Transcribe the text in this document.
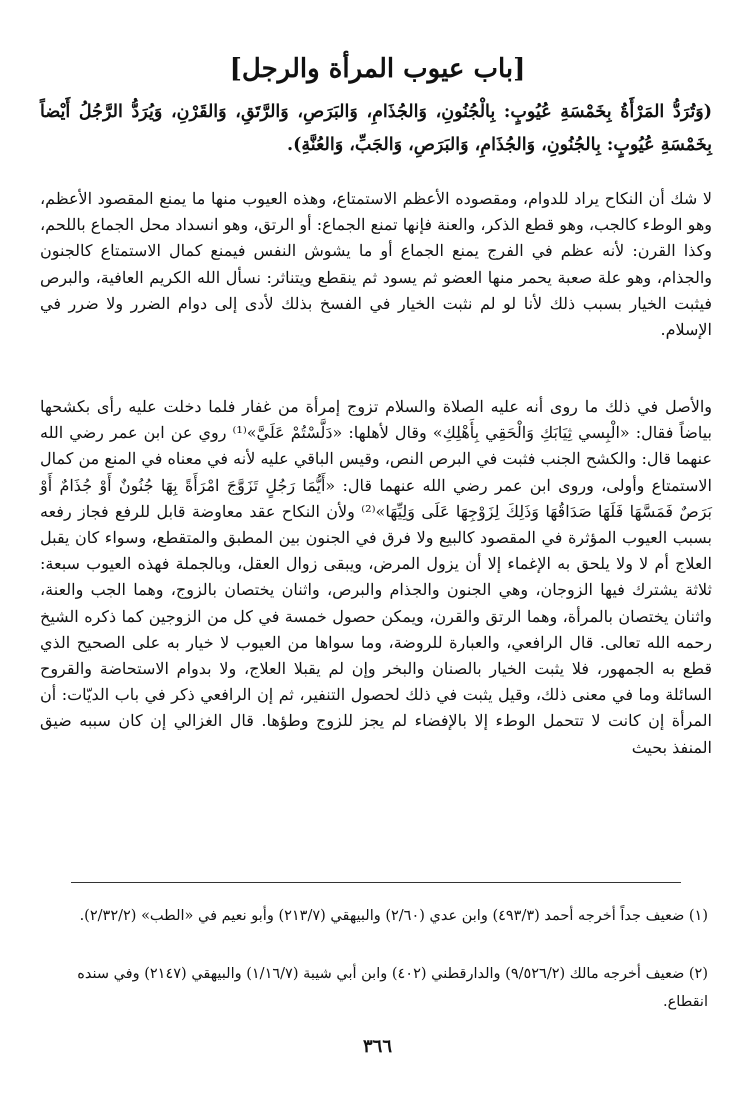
[باب عيوب المرأة والرجل]

(وَتُرَدُّ المَرْأَةُ بِخَمْسَةِ عُيُوبٍ: بِالْجُنُونِ، وَالجُذَامِ، وَالبَرَصِ، وَالرَّتَقِ، وَالقَرْنِ، وَيُرَدُّ الرَّجُلُ أَيْضاً بِخَمْسَةِ عُيُوبٍ: بِالجُنُونِ، وَالجُذَامِ، وَالبَرَصِ، وَالجَبِّ، وَالعُنَّةِ).

لا شك أن النكاح يراد للدوام، ومقصوده الأعظم الاستمتاع، وهذه العيوب منها ما يمنع المقصود الأعظم، وهو الوطء كالجب، وهو قطع الذكر، والعنة فإنها تمنع الجماع: أو الرتق، وهو انسداد محل الجماع باللحم، وكذا القرن: لأنه عظم في الفرج يمنع الجماع أو ما يشوش النفس فيمنع كمال الاستمتاع كالجنون والجذام، وهو علة صعبة يحمر منها العضو ثم يسود ثم ينقطع ويتناثر: نسأل الله الكريم العافية، والبرص فيثبت الخيار بسبب ذلك لأنا لو لم نثبت الخيار في الفسخ بذلك لأدى إلى دوام الضرر ولا ضرر في الإسلام.

والأصل في ذلك ما روى أنه عليه الصلاة والسلام تزوج إمرأة من غفار فلما دخلت عليه رأى بكشحها بياضاً فقال: «الْبِسي ثِيَابَكِ وَالْحَقِي بِأَهْلِكِ» وقال لأهلها: «دَلَّسْتُمْ عَلَيَّ»⁽¹⁾ روي عن ابن عمر رضي الله عنهما قال: والكشح الجنب فثبت في البرص النص، وقيس الباقي عليه لأنه في معناه في المنع من كمال الاستمتاع وأولى، وروى ابن عمر رضي الله عنهما قال: «أَيُّمَا رَجُلٍ تَزَوَّجَ امْرَأَةً بِهَا جُنُونٌ أَوْ جُذَامٌ أَوْ بَرَصٌ فَمَسَّهَا فَلَهَا صَدَاقُهَا وَذَلِكَ لِزَوْجِهَا عَلَى وَلِيِّهَا»⁽²⁾ ولأن النكاح عقد معاوضة قابل للرفع فجاز رفعه بسبب العيوب المؤثرة في المقصود كالبيع ولا فرق في الجنون بين المطبق والمتقطع، وسواء كان يقبل العلاج أم لا ولا يلحق به الإغماء إلا أن يزول المرض، ويبقى زوال العقل، وبالجملة فهذه العيوب سبعة: ثلاثة يشترك فيها الزوجان، وهي الجنون والجذام والبرص، واثنان يختصان بالزوج، وهما الجب والعنة، واثنان يختصان بالمرأة، وهما الرتق والقرن، ويمكن حصول خمسة في كل من الزوجين كما ذكره الشيخ رحمه الله تعالى. قال الرافعي، والعبارة للروضة، وما سواها من العيوب لا خيار به على الصحيح الذي قطع به الجمهور، فلا يثبت الخيار بالصنان والبخر وإن لم يقبلا العلاج، ولا بدوام الاستحاضة والقروح السائلة وما في معنى ذلك، وقيل يثبت في ذلك لحصول التنفير، ثم إن الرافعي ذكر في باب الديّات: أن المرأة إن كانت لا تتحمل الوطء إلا بالإفضاء لم يجز للزوج وطؤها. قال الغزالي إن كان سببه ضيق المنفذ بحيث

(١) ضعيف جداً أخرجه أحمد (٤٩٣/٣) وابن عدي (٢/٦٠) والبيهقي (٢١٣/٧) وأبو نعيم في «الطب» (٢/٣٢/٢).

(٢) ضعيف أخرجه مالك (٩/٥٢٦/٢) والدارقطني (٤٠٢) وابن أبي شيبة (١/١٦/٧) والبيهقي (٢١٤٧) وفي سنده انقطاع.

٣٦٦
